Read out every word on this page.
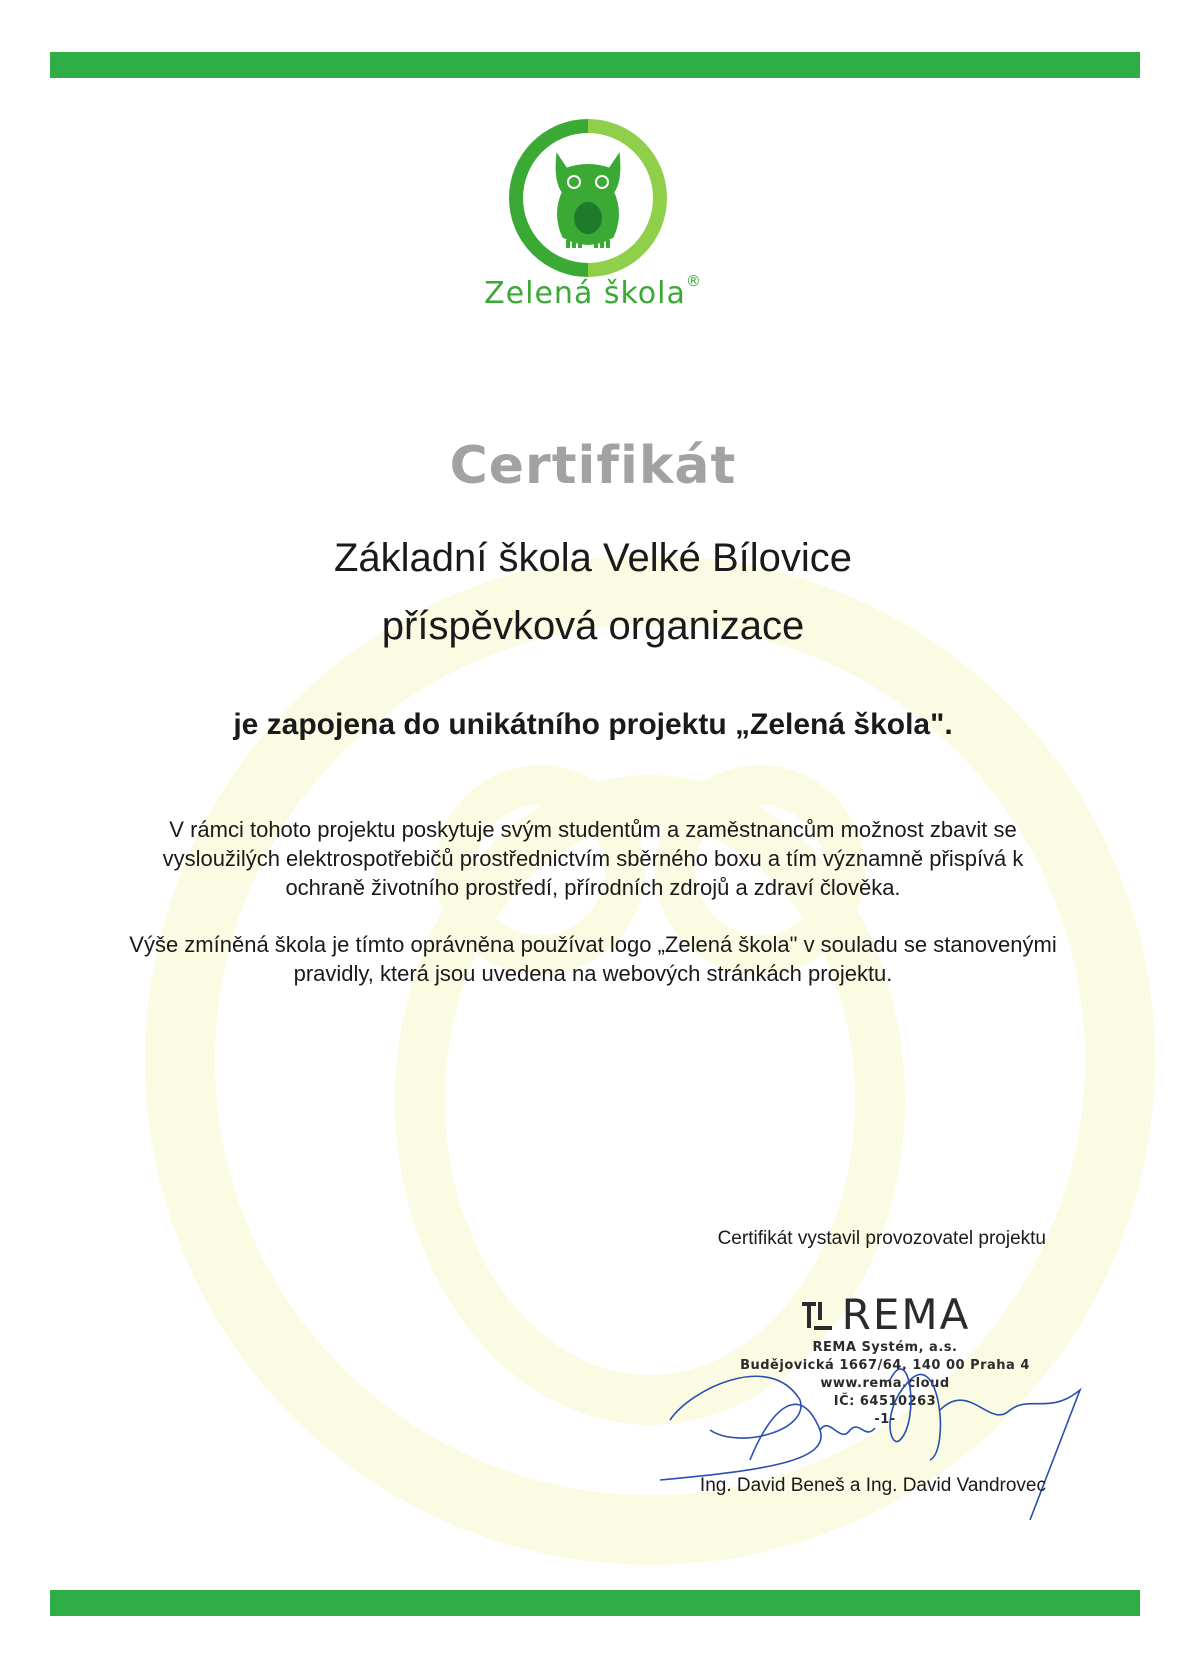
Zelená škola®
Certifikát
Základní škola Velké Bílovice
příspěvková organizace
je zapojena do unikátního projektu „Zelená škola".
V rámci tohoto projektu poskytuje svým studentům a zaměstnancům možnost zbavit se vysloužilých elektrospotřebičů prostřednictvím sběrného boxu a tím významně přispívá k ochraně životního prostředí, přírodních zdrojů a zdraví člověka.
Výše zmíněná škola je tímto oprávněna používat logo „Zelená škola" v souladu se stanovenými pravidly, která jsou uvedena na webových stránkách projektu.
Certifikát vystavil provozovatel projektu
REMA
REMA Systém, a.s.
Budějovická 1667/64, 140 00 Praha 4
www.rema.cloud
IČ: 64510263
-1-
Ing. David Beneš a Ing. David Vandrovec
